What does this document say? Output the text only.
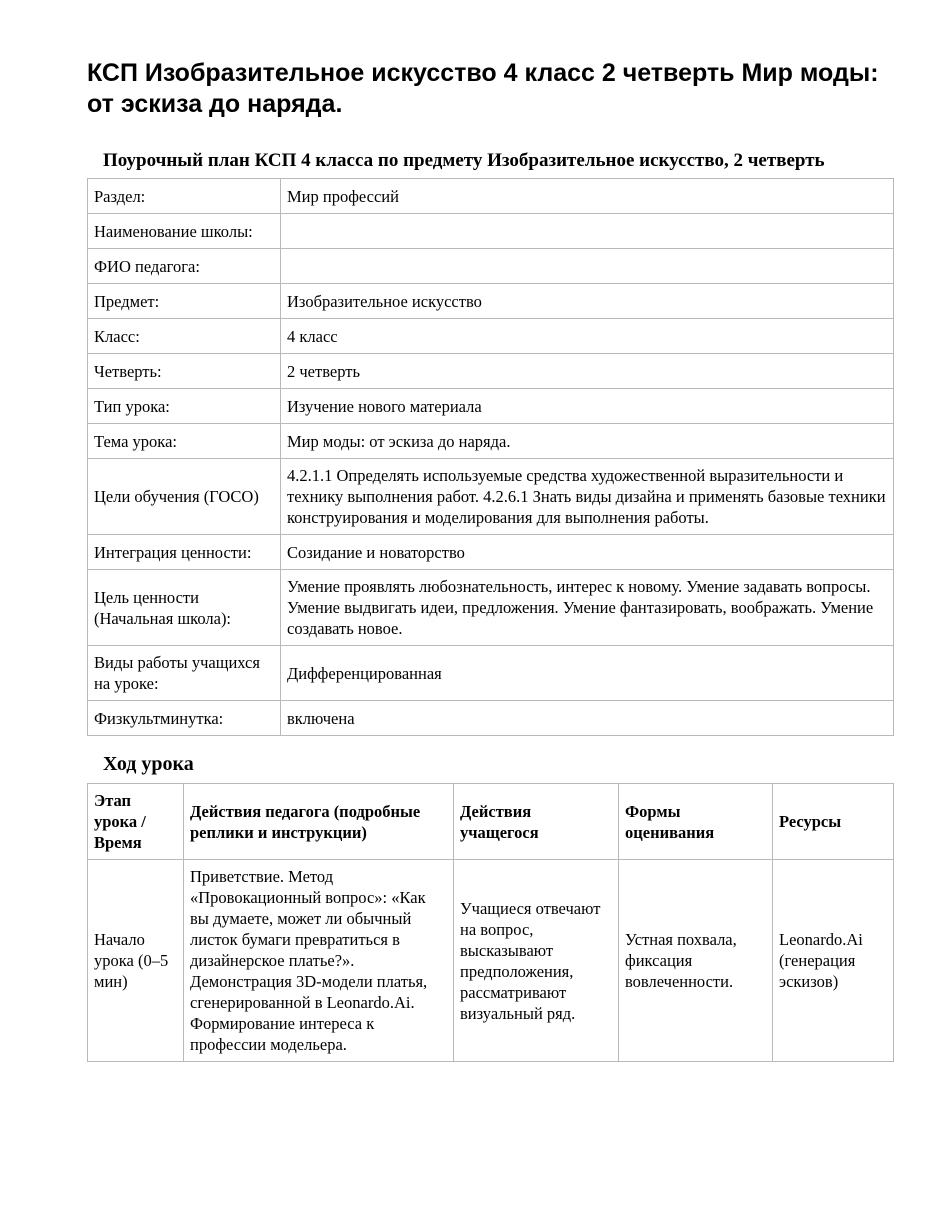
КСП Изобразительное искусство 4 класс 2 четверть Мир моды: от эскиза до наряда.
Поурочный план КСП 4 класса по предмету Изобразительное искусство, 2 четверть
Раздел:	Мир профессий
Наименование школы:	
ФИО педагога:	
Предмет:	Изобразительное искусство
Класс:	4 класс
Четверть:	2 четверть
Тип урока:	Изучение нового материала
Тема урока:	Мир моды: от эскиза до наряда.
Цели обучения (ГОСО)	4.2.1.1 Определять используемые средства художественной выразительности и технику выполнения работ. 4.2.6.1 Знать виды дизайна и применять базовые техники конструирования и моделирования для выполнения работы.
Интеграция ценности:	Созидание и новаторство
Цель ценности (Начальная школа):	Умение проявлять любознательность, интерес к новому. Умение задавать вопросы. Умение выдвигать идеи, предложения. Умение фантазировать, воображать. Умение создавать новое.
Виды работы учащихся на уроке:	Дифференцированная
Физкультминутка:	включена
Ход урока
Этап урока / Время	Действия педагога (подробные реплики и инструкции)	Действия учащегося	Формы оценивания	Ресурсы
Начало урока (0–5 мин)	Приветствие. Метод «Провокационный вопрос»: «Как вы думаете, может ли обычный листок бумаги превратиться в дизайнерское платье?». Демонстрация 3D-модели платья, сгенерированной в Leonardo.Ai. Формирование интереса к профессии модельера.	Учащиеся отвечают на вопрос, высказывают предположения, рассматривают визуальный ряд.	Устная похвала, фиксация вовлеченности.	Leonardo.Ai (генерация эскизов)
